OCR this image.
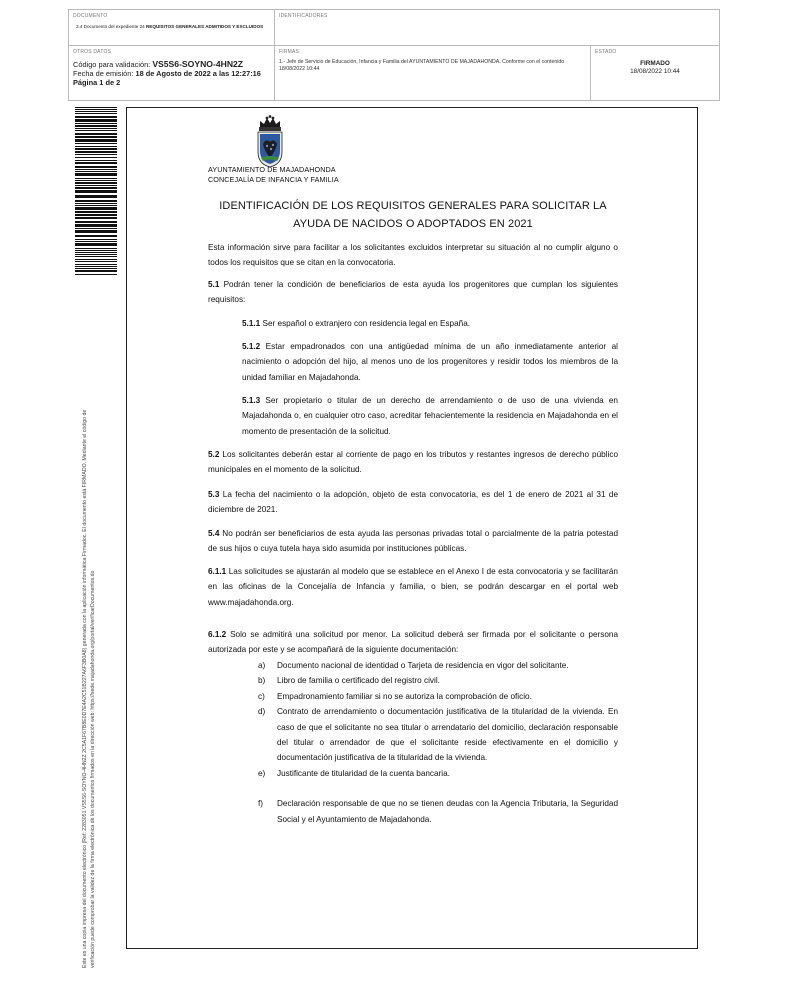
DOCUMENTO
3.4 Documento del expediente 24 REQUISITOS GENERALES ADMITIDOS Y EXCLUIDOS
IDENTIFICADORES
OTROS DATOS
Código para validación: VS5S6-SOYNO-4HN2Z
Fecha de emisión: 18 de Agosto de 2022 a las 12:27:16
Página 1 de 2
FIRMAS
1.- Jefe de Servicio de Educación, Infancia y Familia del AYUNTAMIENTO DE MAJADAHONDA. Conforme con el contenido 18/08/2022 10:44
ESTADO
FIRMADO
18/08/2022 10:44
Este es una copia impresa del documento electrónico (Ref: 2283051 VS5S6-SOYNO-4HN2Z 2C5A1F67B8E0D7E4A2C51B227A6F3B0A8) generada con la aplicación informática Firmadoc. El documento está FIRMADO. Mediante el código de verificación puede comprobar la validez de la firma electrónica de los documentos firmados en la dirección web: https://sede.majadahonda.org/portal/verificarDocumentos.do
AYUNTAMIENTO DE MAJADAHONDA
CONCEJALÍA DE INFANCIA Y FAMILIA
IDENTIFICACIÓN DE LOS REQUISITOS GENERALES PARA SOLICITAR LA
AYUDA DE NACIDOS O ADOPTADOS EN 2021
Esta información sirve para facilitar a los solicitantes excluidos interpretar su situación al no cumplir alguno o todos los requisitos que se citan en la convocatoria.
5.1 Podrán tener la condición de beneficiarios de esta ayuda los progenitores que cumplan los siguientes requisitos:
5.1.1 Ser español o extranjero con residencia legal en España.
5.1.2 Estar empadronados con una antigüedad mínima de un año inmediatamente anterior al nacimiento o adopción del hijo, al menos uno de los progenitores y residir todos los miembros de la unidad familiar en Majadahonda.
5.1.3 Ser propietario o titular de un derecho de arrendamiento o de uso de una vivienda en Majadahonda o, en cualquier otro caso, acreditar fehacientemente la residencia en Majadahonda en el momento de presentación de la solicitud.
5.2 Los solicitantes deberán estar al corriente de pago en los tributos y restantes ingresos de derecho público municipales en el momento de la solicitud.
5.3 La fecha del nacimiento o la adopción, objeto de esta convocatoria, es del 1 de enero de 2021 al 31 de diciembre de 2021.
5.4 No podrán ser beneficiarios de esta ayuda las personas privadas total o parcialmente de la patria potestad de sus hijos o cuya tutela haya sido asumida por instituciones públicas.
6.1.1 Las solicitudes se ajustarán al modelo que se establece en el Anexo I de esta convocatoria y se facilitarán en las oficinas de la Concejalía de Infancia y familia, o bien, se podrán descargar en el portal web www.majadahonda.org.
6.1.2 Solo se admitirá una solicitud por menor. La solicitud deberá ser firmada por el solicitante o persona autorizada por este y se acompañará de la siguiente documentación:
a) Documento nacional de identidad o Tarjeta de residencia en vigor del solicitante.
b) Libro de familia o certificado del registro civil.
c) Empadronamiento familiar si no se autoriza la comprobación de oficio.
d) Contrato de arrendamiento o documentación justificativa de la titularidad de la vivienda. En caso de que el solicitante no sea titular o arrendatario del domicilio, declaración responsable del titular o arrendador de que el solicitante reside efectivamente en el domicilio y documentación justificativa de la titularidad de la vivienda.
e) Justificante de titularidad de la cuenta bancaria.
f) Declaración responsable de que no se tienen deudas con la Agencia Tributaria, la Seguridad Social y el Ayuntamiento de Majadahonda.
